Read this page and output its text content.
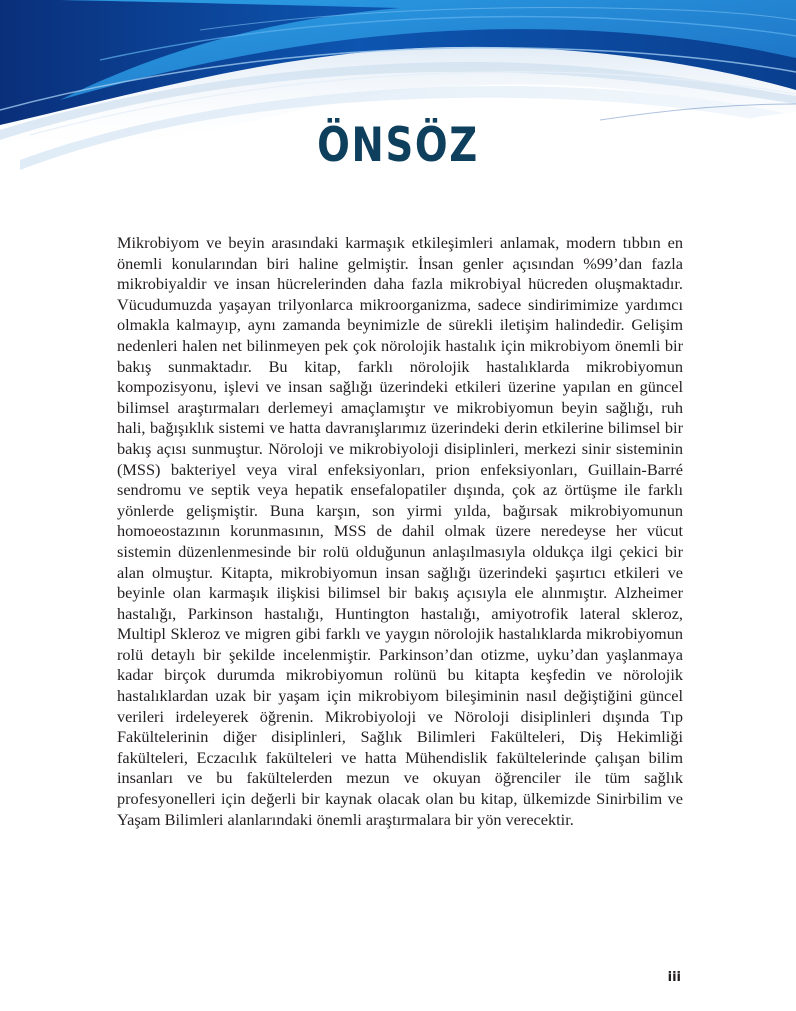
ÖNSÖZ

Mikrobiyom ve beyin arasındaki karmaşık etkileşimleri anlamak, modern tıbbın en önemli konularından biri haline gelmiştir. İnsan genler açısından %99’dan fazla mikrobiyaldir ve insan hücrelerinden daha fazla mikrobiyal hücreden oluşmaktadır. Vücudumuzda yaşayan trilyonlarca mikroorganizma, sadece sindirimimize yardımcı olmakla kalmayıp, aynı zamanda beynimizle de sürekli iletişim halindedir. Gelişim nedenleri halen net bilinmeyen pek çok nörolojik hastalık için mikrobiyom önemli bir bakış sunmaktadır. Bu kitap, farklı nörolojik hastalıklarda mikrobiyomun kompozisyonu, işlevi ve insan sağlığı üzerindeki etkileri üzerine yapılan en güncel bilimsel araştırmaları derlemeyi amaçlamıştır ve mikrobiyomun beyin sağlığı, ruh hali, bağışıklık sistemi ve hatta davranışlarımız üzerindeki derin etkilerine bilimsel bir bakış açısı sunmuştur. Nöroloji ve mikrobiyoloji disiplinleri, merkezi sinir sisteminin (MSS) bakteriyel veya viral enfeksiyonları, prion enfeksiyonları, Guillain-Barré sendromu ve septik veya hepatik ensefalopatiler dışında, çok az örtüşme ile farklı yönlerde gelişmiştir. Buna karşın, son yirmi yılda, bağırsak mikrobiyomunun homoeostazının korunmasının, MSS de dahil olmak üzere neredeyse her vücut sistemin düzenlenmesinde bir rolü olduğunun anlaşılmasıyla oldukça ilgi çekici bir alan olmuştur. Kitapta, mikrobiyomun insan sağlığı üzerindeki şaşırtıcı etkileri ve beyinle olan karmaşık ilişkisi bilimsel bir bakış açısıyla ele alınmıştır. Alzheimer hastalığı, Parkinson hastalığı, Huntington hastalığı, amiyotrofik lateral skleroz, Multipl Skleroz ve migren gibi farklı ve yaygın nörolojik hastalıklarda mikrobiyomun rolü detaylı bir şekilde incelenmiştir. Parkinson’dan otizme, uyku’dan yaşlanmaya kadar birçok durumda mikrobiyomun rolünü bu kitapta keşfedin ve nörolojik hastalıklardan uzak bir yaşam için mikrobiyom bileşiminin nasıl değiştiğini güncel verileri irdeleyerek öğrenin. Mikrobiyoloji ve Nöroloji disiplinleri dışında Tıp Fakültelerinin diğer disiplinleri, Sağlık Bilimleri Fakülteleri, Diş Hekimliği fakülteleri, Eczacılık fakülteleri ve hatta Mühendislik fakültelerinde çalışan bilim insanları ve bu fakültelerden mezun ve okuyan öğrenciler ile tüm sağlık profesyonelleri için değerli bir kaynak olacak olan bu kitap, ülkemizde Sinirbilim ve Yaşam Bilimleri alanlarındaki önemli araştırmalara bir yön verecektir.

iii
